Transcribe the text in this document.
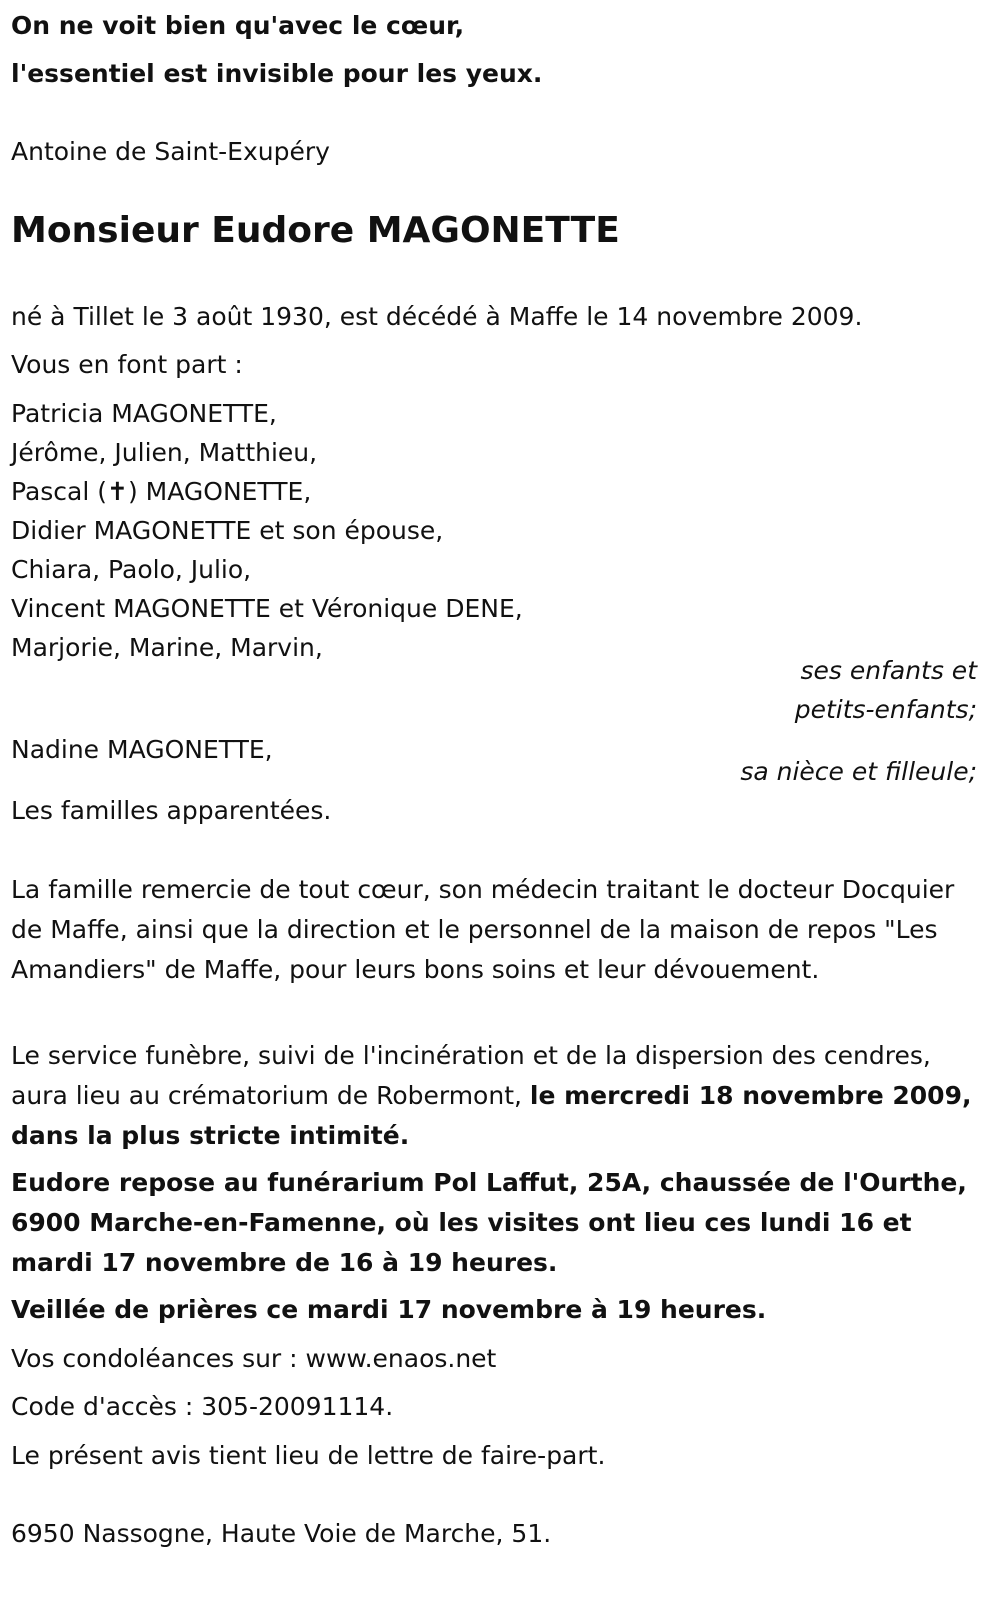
On ne voit bien qu'avec le cœur,
l'essentiel est invisible pour les yeux.
Antoine de Saint-Exupéry
Monsieur Eudore MAGONETTE
né à Tillet le 3 août 1930, est décédé à Maffe le 14 novembre 2009.
Vous en font part :
Patricia MAGONETTE,
Jérôme, Julien, Matthieu,
Pascal (✝) MAGONETTE,
Didier MAGONETTE et son épouse,
Chiara, Paolo, Julio,
Vincent MAGONETTE et Véronique DENE,
Marjorie, Marine, Marvin,
ses enfants et
petits-enfants;
Nadine MAGONETTE,
sa nièce et filleule;
Les familles apparentées.
La famille remercie de tout cœur, son médecin traitant le docteur Docquier de Maffe, ainsi que la direction et le personnel de la maison de repos "Les Amandiers" de Maffe, pour leurs bons soins et leur dévouement.
Le service funèbre, suivi de l'incinération et de la dispersion des cendres, aura lieu au crématorium de Robermont, le mercredi 18 novembre 2009, dans la plus stricte intimité.
Eudore repose au funérarium Pol Laffut, 25A, chaussée de l'Ourthe, 6900 Marche-en-Famenne, où les visites ont lieu ces lundi 16 et mardi 17 novembre de 16 à 19 heures.
Veillée de prières ce mardi 17 novembre à 19 heures.
Vos condoléances sur : www.enaos.net
Code d'accès : 305-20091114.
Le présent avis tient lieu de lettre de faire-part.
6950 Nassogne, Haute Voie de Marche, 51.
